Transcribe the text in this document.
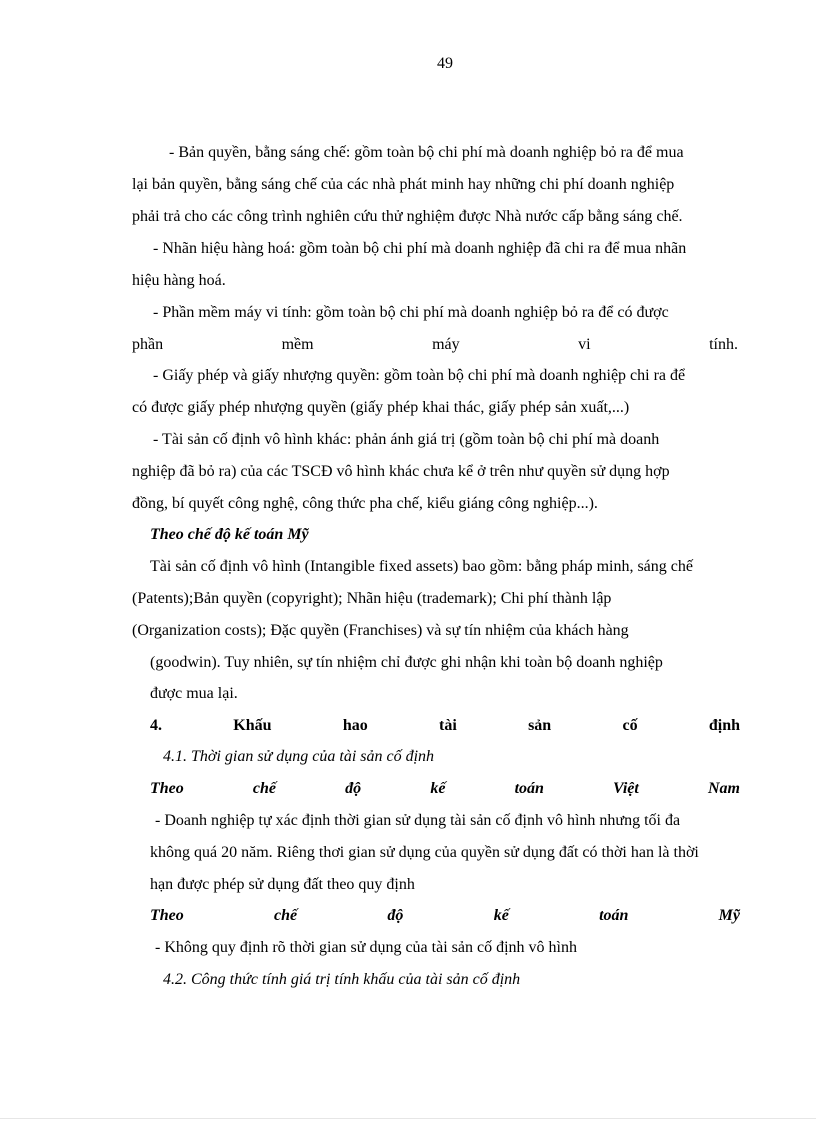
49
- Bản quyền, bằng sáng chế: gồm toàn bộ chi phí mà doanh nghiệp bỏ ra để mua
lại bản quyền, bằng sáng chế của các nhà phát minh hay những chi phí doanh nghiệp
phải trả cho các công trình nghiên cứu thử nghiệm được Nhà nước cấp bằng sáng chế.
- Nhãn hiệu hàng hoá: gồm toàn bộ chi phí mà doanh nghiệp đã chi ra để mua nhãn
hiệu hàng hoá.
- Phần mềm máy vi tính: gồm toàn bộ chi phí mà doanh nghiệp bỏ ra để có được
phần	mềm	máy	vi	tính.
- Giấy phép và giấy nhượng quyền: gồm toàn bộ chi phí mà doanh nghiệp chi ra để
có được giấy phép nhượng quyền (giấy phép khai thác, giấy phép sản xuất,...)
- Tài sản cố định vô hình khác: phản ánh giá trị (gồm toàn bộ chi phí mà doanh
nghiệp đã bỏ ra) của các TSCĐ vô hình khác chưa kể ở trên như quyền sử dụng hợp
đồng, bí quyết công nghệ, công thức pha chế, kiểu giáng công nghiệp...).
Theo chế độ kế toán Mỹ
Tài sản cố định vô hình (Intangible fixed assets) bao gồm: bằng pháp minh, sáng chế
(Patents);Bản quyền (copyright); Nhãn hiệu (trademark); Chi phí thành lập
(Organization costs); Đặc quyền (Franchises) và sự tín nhiệm của khách hàng
(goodwin). Tuy nhiên, sự tín nhiệm chỉ được ghi nhận khi toàn bộ doanh nghiệp
được mua lại.
4.	Khấu	hao	tài	sản	cố	định
4.1. Thời gian sử dụng của tài sản cố định
Theo	chế	độ	kế	toán	Việt	Nam
- Doanh nghiệp tự xác định thời gian sử dụng tài sản cố định vô hình nhưng tối đa
không quá 20 năm. Riêng thơi gian sử dụng của quyền sử dụng đất có thời han là thời
hạn được phép sử dụng đất theo quy định
Theo	chế	độ	kế	toán	Mỹ
- Không quy định rõ thời gian sử dụng của tài sản cố định vô hình
4.2. Công thức tính giá trị tính khấu của tài sản cố định
